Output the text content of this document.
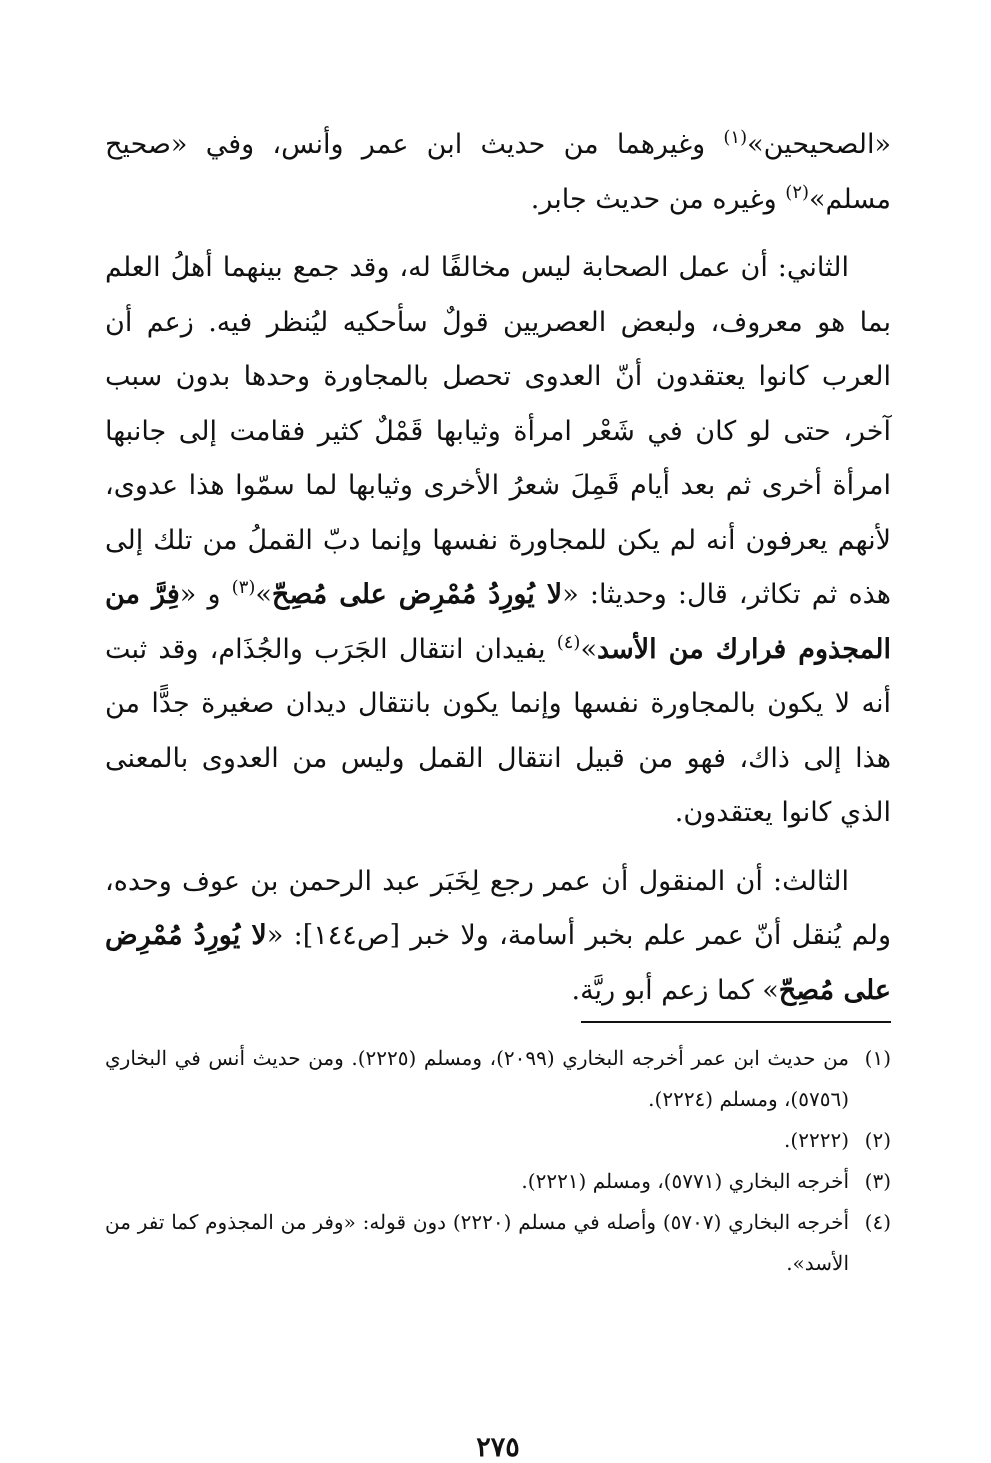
«الصحيحين»$^{(١)}$ وغيرهما من حديث ابن عمر وأنس، وفي «صحيح مسلم»$^{(٢)}$ وغيره من حديث جابر.

الثاني: أن عمل الصحابة ليس مخالفًا له، وقد جمع بينهما أهلُ العلم بما هو معروف، ولبعض العصريين قولٌ سأحكيه ليُنظر فيه. زعم أن العرب كانوا يعتقدون أنّ العدوى تحصل بالمجاورة وحدها بدون سبب آخر، حتى لو كان في شَعْر امرأة وثيابها قَمْلٌ كثير فقامت إلى جانبها امرأة أخرى ثم بعد أيام قَمِلَ شعرُ الأخرى وثيابها لما سمّوا هذا عدوى، لأنهم يعرفون أنه لم يكن للمجاورة نفسها وإنما دبّ القملُ من تلك إلى هذه ثم تكاثر، قال: وحديثا: «لا يُورِدُ مُمْرِض على مُصِحّ»$^{(٣)}$ و «فِرَّ من المجذوم فرارك من الأسد»$^{(٤)}$ يفيدان انتقال الجَرَب والجُذَام، وقد ثبت أنه لا يكون بالمجاورة نفسها وإنما يكون بانتقال ديدان صغيرة جدًّا من هذا إلى ذاك، فهو من قبيل انتقال القمل وليس من العدوى بالمعنى الذي كانوا يعتقدون.

الثالث: أن المنقول أن عمر رجع لِخَبَر عبد الرحمن بن عوف وحده، ولم يُنقل أنّ عمر علم بخبر أسامة، ولا خبر [ص١٤٤]: «لا يُورِدُ مُمْرِض على مُصِحّ» كما زعم أبو ريَّة.

(١)
من حديث ابن عمر أخرجه البخاري (٢٠٩٩)، ومسلم (٢٢٢٥). ومن حديث أنس في البخاري (٥٧٥٦)، ومسلم (٢٢٢٤).
(٢)
(٢٢٢٢).
(٣)
أخرجه البخاري (٥٧٧١)، ومسلم (٢٢٢١).
(٤)
أخرجه البخاري (٥٧٠٧) وأصله في مسلم (٢٢٢٠) دون قوله: «وفر من المجذوم كما تفر من الأسد».
٢٧٥
